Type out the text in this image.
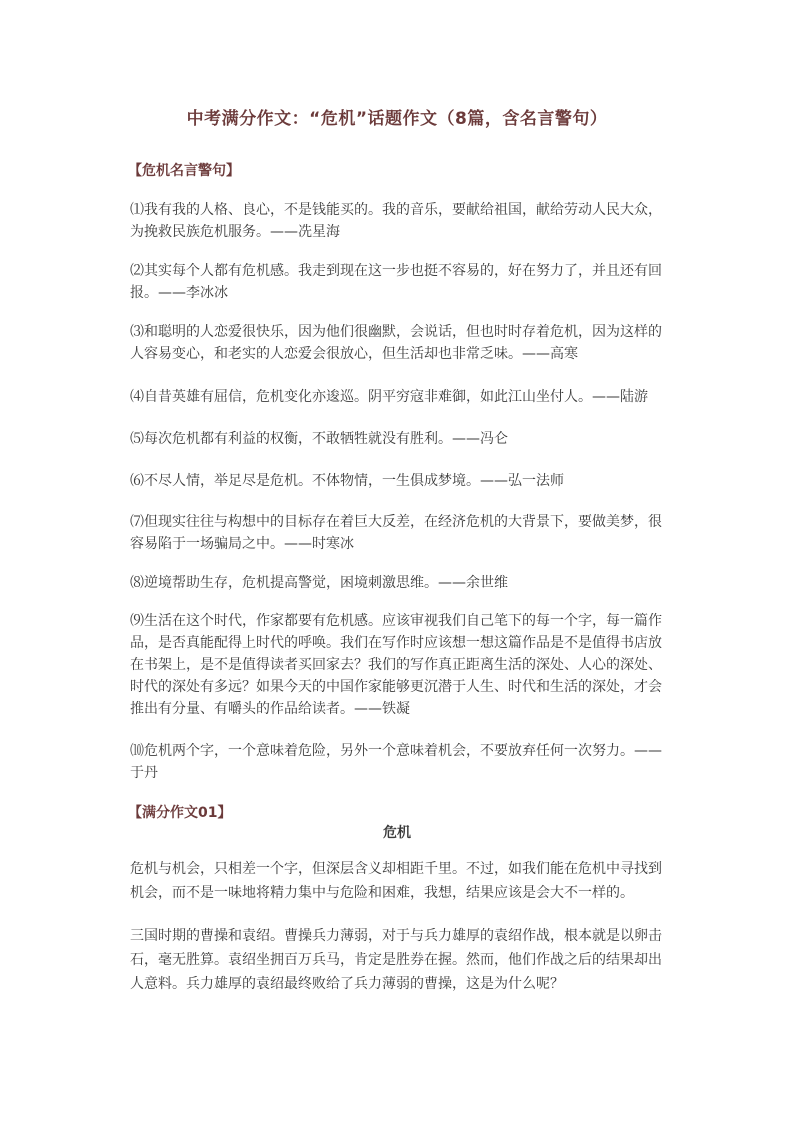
中考满分作文：“危机”话题作文（8篇，含名言警句）
【危机名言警句】
⑴我有我的人格、良心，不是钱能买的。我的音乐，要献给祖国，献给劳动人民大众，为挽救民族危机服务。——冼星海
⑵其实每个人都有危机感。我走到现在这一步也挺不容易的，好在努力了，并且还有回报。——李冰冰
⑶和聪明的人恋爱很快乐，因为他们很幽默，会说话，但也时时存着危机，因为这样的人容易变心，和老实的人恋爱会很放心，但生活却也非常乏味。——高寒
⑷自昔英雄有屈信，危机变化亦逡巡。阴平穷寇非难御，如此江山坐付人。——陆游
⑸每次危机都有利益的权衡，不敢牺牲就没有胜利。——冯仑
⑹不尽人情，举足尽是危机。不体物情，一生俱成梦境。——弘一法师
⑺但现实往往与构想中的目标存在着巨大反差，在经济危机的大背景下，要做美梦，很容易陷于一场骗局之中。——时寒冰
⑻逆境帮助生存，危机提高警觉，困境刺激思维。——余世维
⑼生活在这个时代，作家都要有危机感。应该审视我们自己笔下的每一个字，每一篇作品，是否真能配得上时代的呼唤。我们在写作时应该想一想这篇作品是不是值得书店放在书架上，是不是值得读者买回家去？我们的写作真正距离生活的深处、人心的深处、时代的深处有多远？如果今天的中国作家能够更沉潜于人生、时代和生活的深处，才会推出有分量、有嚼头的作品给读者。——铁凝
⑽危机两个字，一个意味着危险，另外一个意味着机会，不要放弃任何一次努力。——于丹
【满分作文01】
危机
危机与机会，只相差一个字，但深层含义却相距千里。不过，如我们能在危机中寻找到机会，而不是一味地将精力集中与危险和困难，我想，结果应该是会大不一样的。
三国时期的曹操和袁绍。曹操兵力薄弱，对于与兵力雄厚的袁绍作战，根本就是以卵击石，毫无胜算。袁绍坐拥百万兵马，肯定是胜券在握。然而，他们作战之后的结果却出人意料。兵力雄厚的袁绍最终败给了兵力薄弱的曹操，这是为什么呢？
